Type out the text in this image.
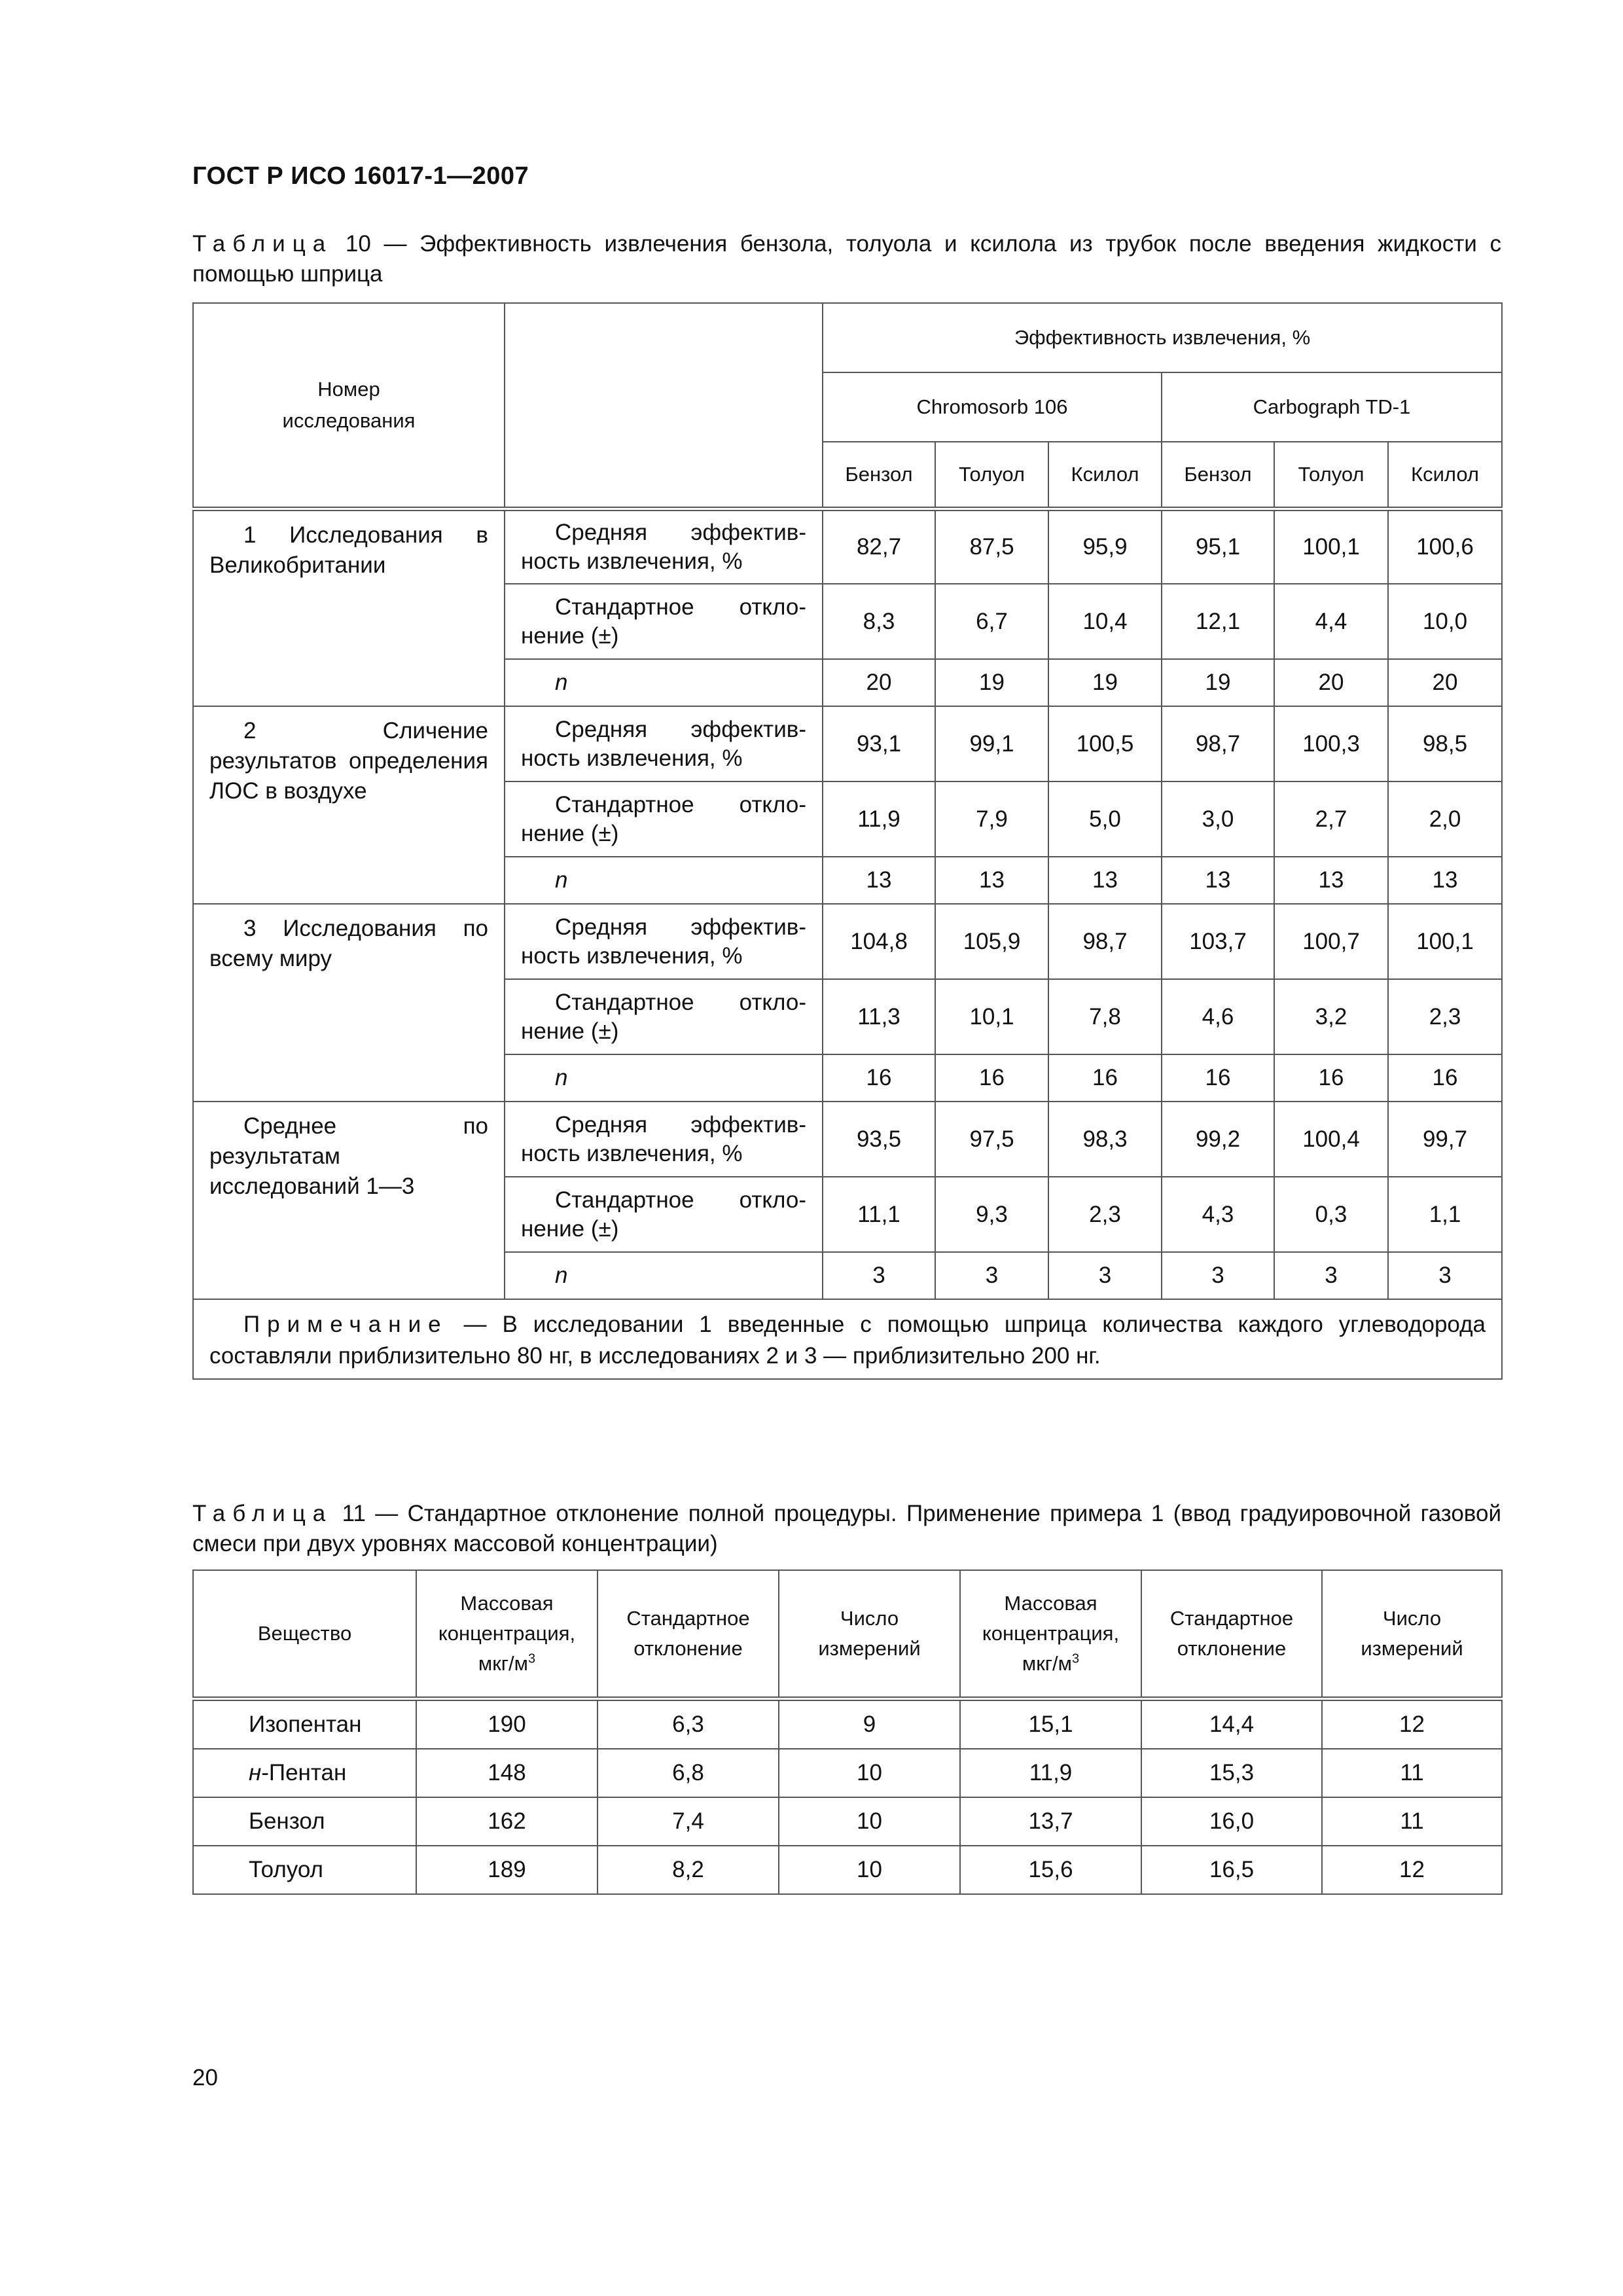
ГОСТ Р ИСО 16017-1—2007
Таблица 10 — Эффективность извлечения бензола, толуола и ксилола из трубок после введения жидкости с помощью шприца
Номер исследования		Эффективность извлечения, %					
		Chromosorb 106			Carbograph TD-1		
		Бензол	Толуол	Ксилол	Бензол	Толуол	Ксилол

1 Исследования в Великобритании	Средняя эффективность извлечения, %	82,7	87,5	95,9	95,1	100,1	100,6

	Стандартное отклонение (±)	8,3	6,7	10,4	12,1	4,4	10,0
	n	20	19	19	19	20	20

2 Сличение результатов определения ЛОС в воздухе	Средняя эффективность извлечения, %	93,1	99,1	100,5	98,7	100,3	98,5

	Стандартное отклонение (±)	11,9	7,9	5,0	3,0	2,7	2,0
	n	13	13	13	13	13	13

3 Исследования по всему миру	Средняя эффективность извлечения, %	104,8	105,9	98,7	103,7	100,7	100,1

	Стандартное отклонение (±)	11,3	10,1	7,8	4,6	3,2	2,3
	n	16	16	16	16	16	16

Среднее по результатам исследований 1—3	Средняя эффективность извлечения, %	93,5	97,5	98,3	99,2	100,4	99,7

	Стандартное отклонение (±)	11,1	9,3	2,3	4,3	0,3	1,1
	n	3	3	3	3	3	3
Примечание — В исследовании 1 введенные с помощью шприца количества каждого углеводорода составляли приблизительно 80 нг, в исследованиях 2 и 3 — приблизительно 200 нг.							
Таблица 11 — Стандартное отклонение полной процедуры. Применение примера 1 (ввод градуировочной газовой смеси при двух уровнях массовой концентрации)
Вещество	Массовая концентрация, мкг/$м^3$	Стандартное отклонение	Число измерений	Массовая концентрация, мкг/$м^3$	Стандартное отклонение	Число измерений
Изопентан	190	6,3	9	15,1	14,4	12
н-Пентан	148	6,8	10	11,9	15,3	11
Бензол	162	7,4	10	13,7	16,0	11
Толуол	189	8,2	10	15,6	16,5	12
20
